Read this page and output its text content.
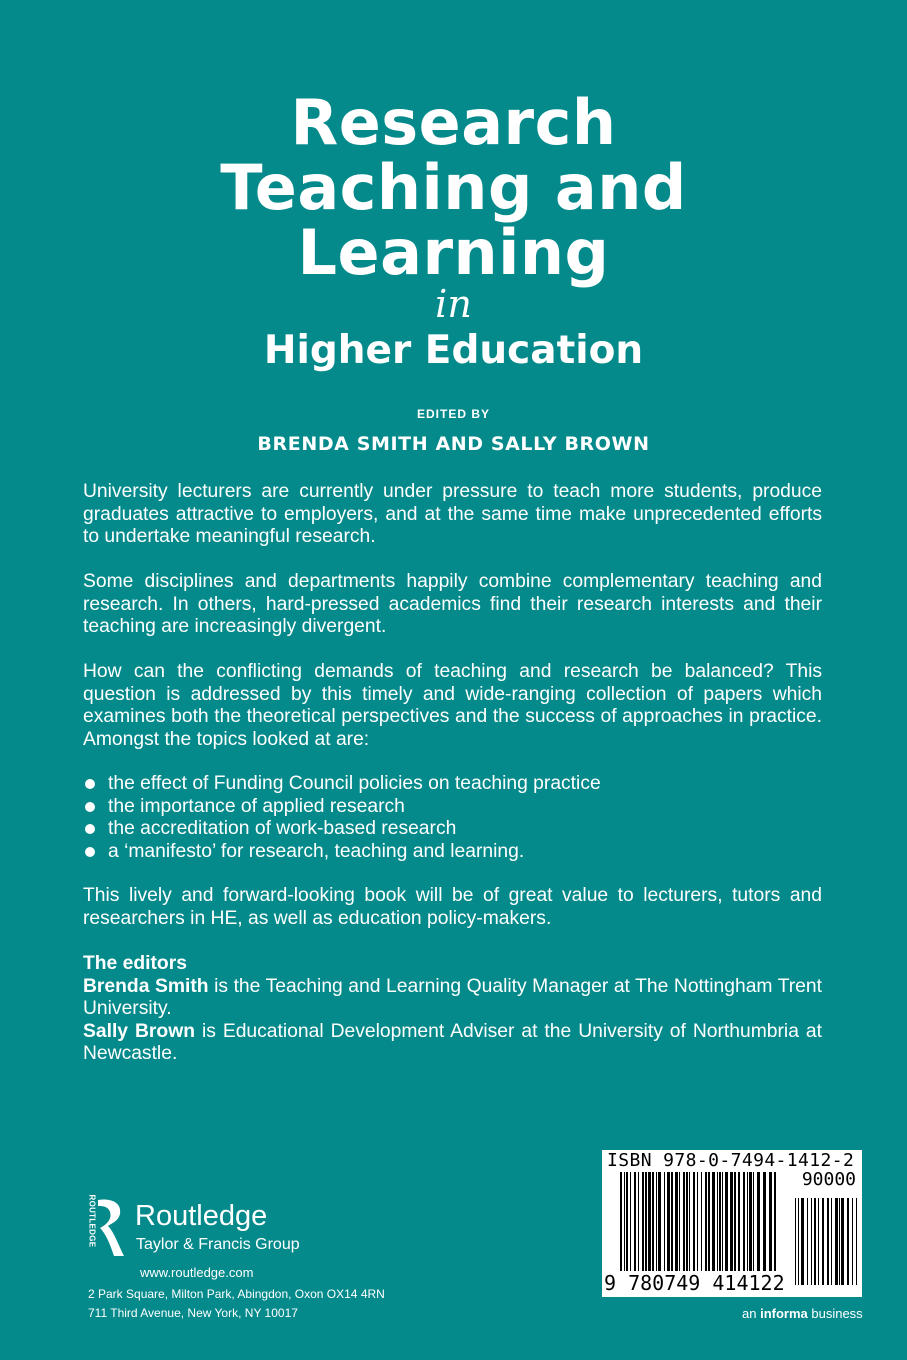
Research
Teaching and
Learning
in
Higher Education
EDITED BY
BRENDA SMITH AND SALLY BROWN
University lecturers are currently under pressure to teach more students, produce graduates attractive to employers, and at the same time make unprecedented efforts to undertake meaningful research.
Some disciplines and departments happily combine complementary teaching and research. In others, hard-pressed academics find their research interests and their teaching are increasingly divergent.
How can the conflicting demands of teaching and research be balanced? This question is addressed by this timely and wide-ranging collection of papers which examines both the theoretical perspectives and the success of approaches in practice. Amongst the topics looked at are:
the effect of Funding Council policies on teaching practice
the importance of applied research
the accreditation of work-based research
a ‘manifesto’ for research, teaching and learning.
This lively and forward-looking book will be of great value to lecturers, tutors and researchers in HE, as well as education policy-makers.
The editors
Brenda Smith is the Teaching and Learning Quality Manager at The Nottingham Trent University.
Sally Brown is Educational Development Adviser at the University of Northumbria at Newcastle.
ROUTLEDGE Routledge
Taylor & Francis Group
www.routledge.com
2 Park Square, Milton Park, Abingdon, Oxon OX14 4RN
711 Third Avenue, New York, NY 10017
ISBN 978-0-7494-1412-2
90000
9 780749 414122
an informa business
